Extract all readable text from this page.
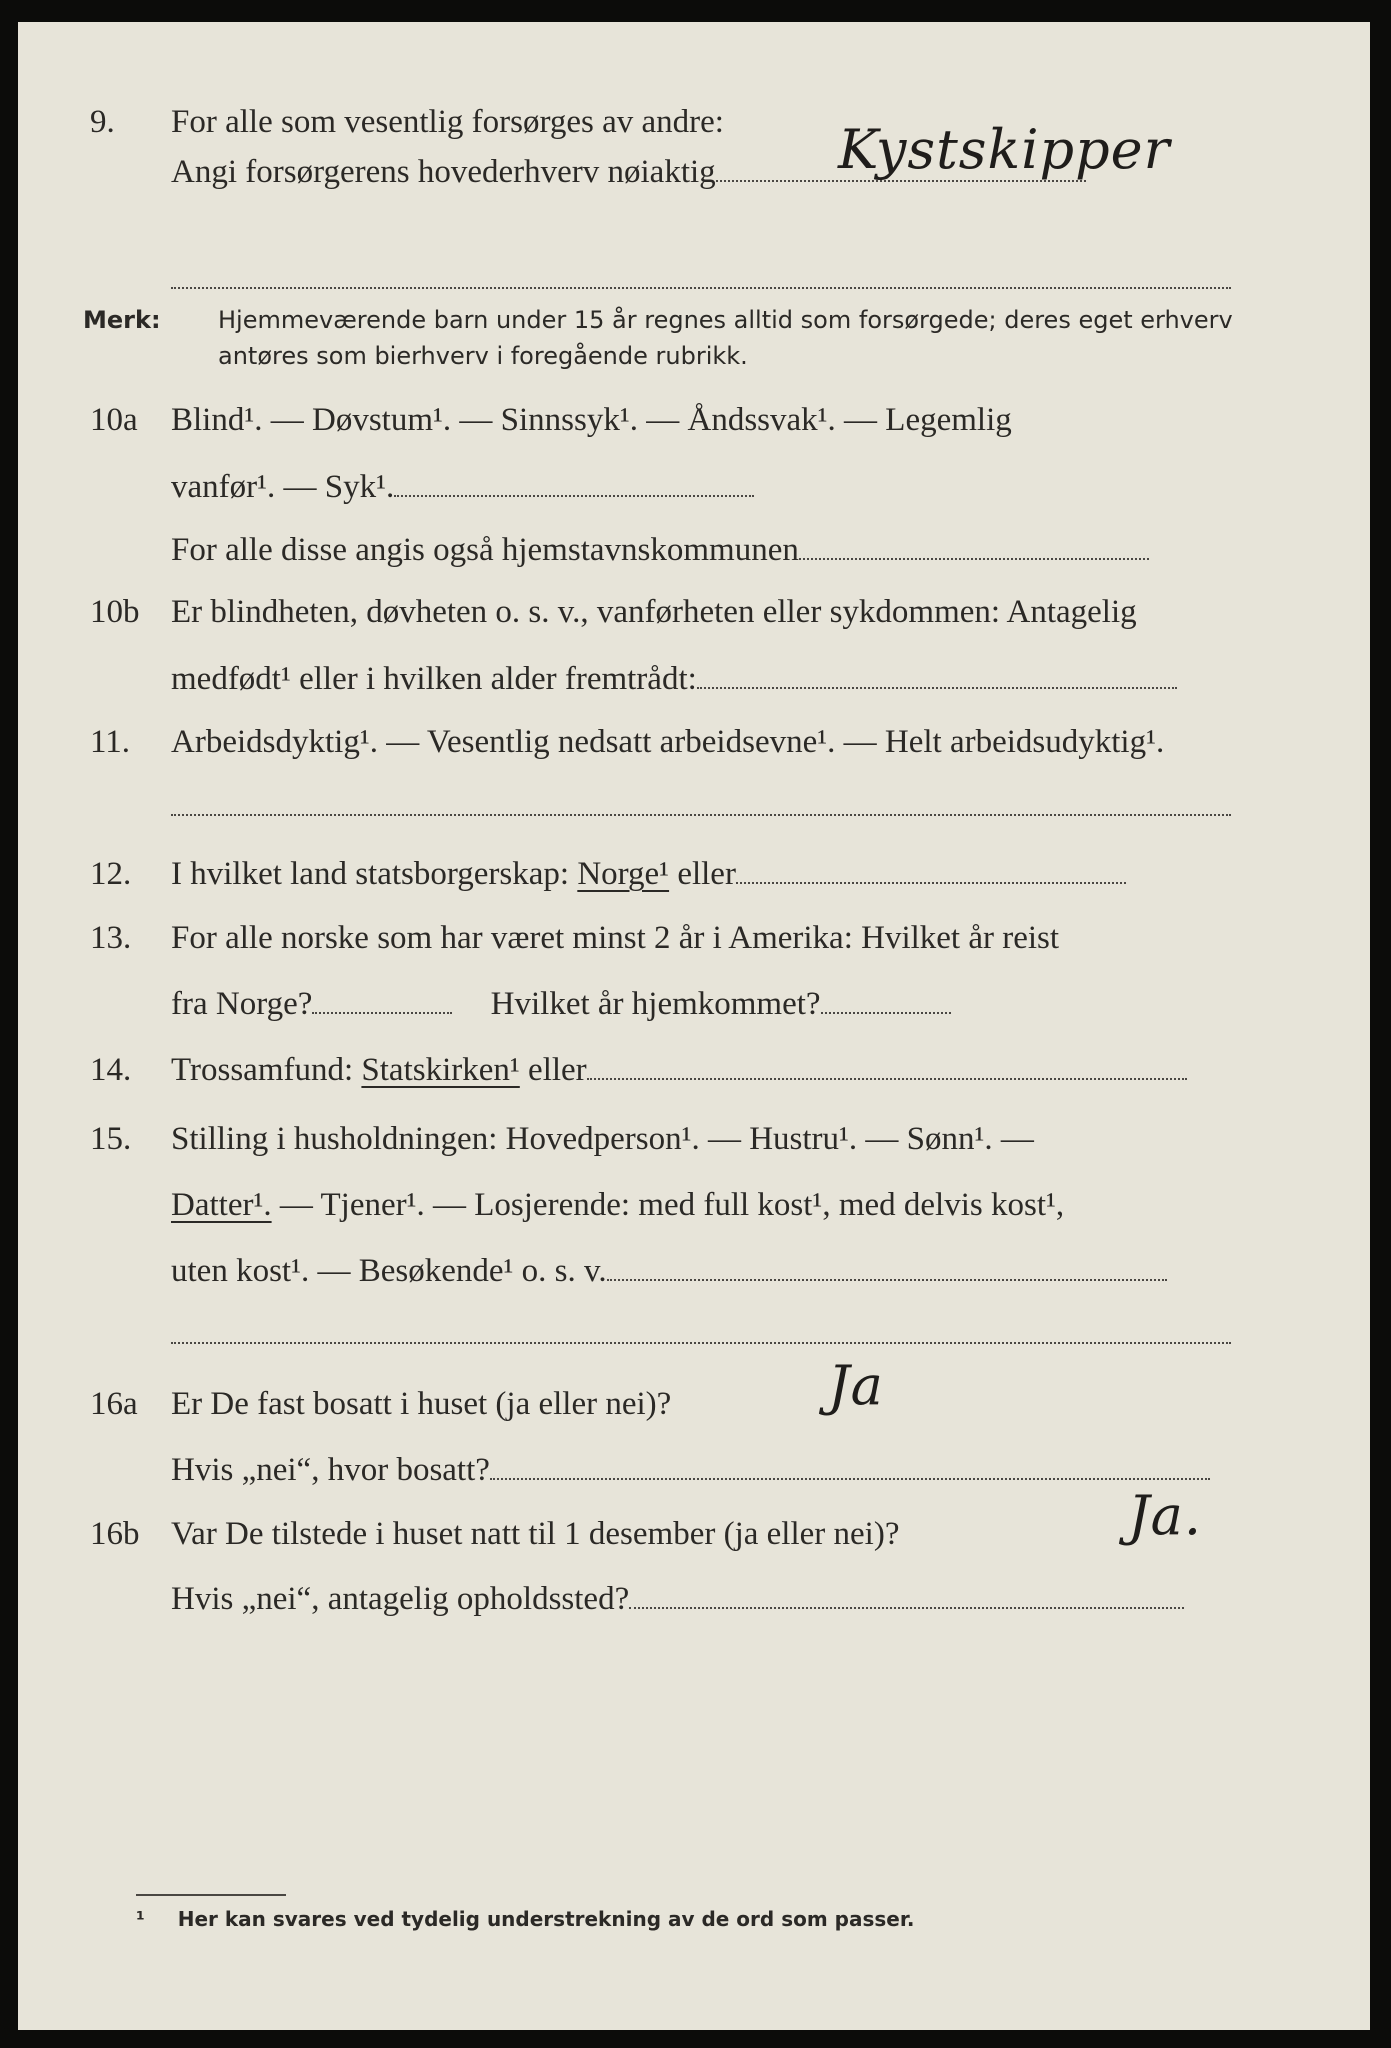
9. For alle som vesentlig forsørges av andre:
Angi forsørgerens hovederhverv nøiaktig	Kystskipper
Merk: Hjemmeværende barn under 15 år regnes alltid som forsørgede; deres eget erhverv
antøres som bierhverv i foregående rubrikk.
10a Blind¹. — Døvstum¹. — Sinnssyk¹. — Åndssvak¹. — Legemlig
vanfør¹. — Syk¹.
For alle disse angis også hjemstavnskommunen
10b Er blindheten, døvheten o. s. v., vanførheten eller sykdommen: Antagelig
medfødt¹ eller i hvilken alder fremtrådt:
11. Arbeidsdyktig¹. — Vesentlig nedsatt arbeidsevne¹. — Helt arbeidsudyktig¹.
12. I hvilket land statsborgerskap: Norge¹ eller
13. For alle norske som har været minst 2 år i Amerika: Hvilket år reist
fra Norge?	Hvilket år hjemkommet?
14. Trossamfund: Statskirken¹ eller
15. Stilling i husholdningen: Hovedperson¹. — Hustru¹. — Sønn¹. —
Datter¹. — Tjener¹. — Losjerende: med full kost¹, med delvis kost¹,
uten kost¹. — Besøkende¹ o. s. v.
16a Er De fast bosatt i huset (ja eller nei)?	Ja
Hvis „nei“, hvor bosatt?
16b Var De tilstede i huset natt til 1 desember (ja eller nei)?	Ja.
Hvis „nei“, antagelig opholdssted?
¹ Her kan svares ved tydelig understrekning av de ord som passer.
